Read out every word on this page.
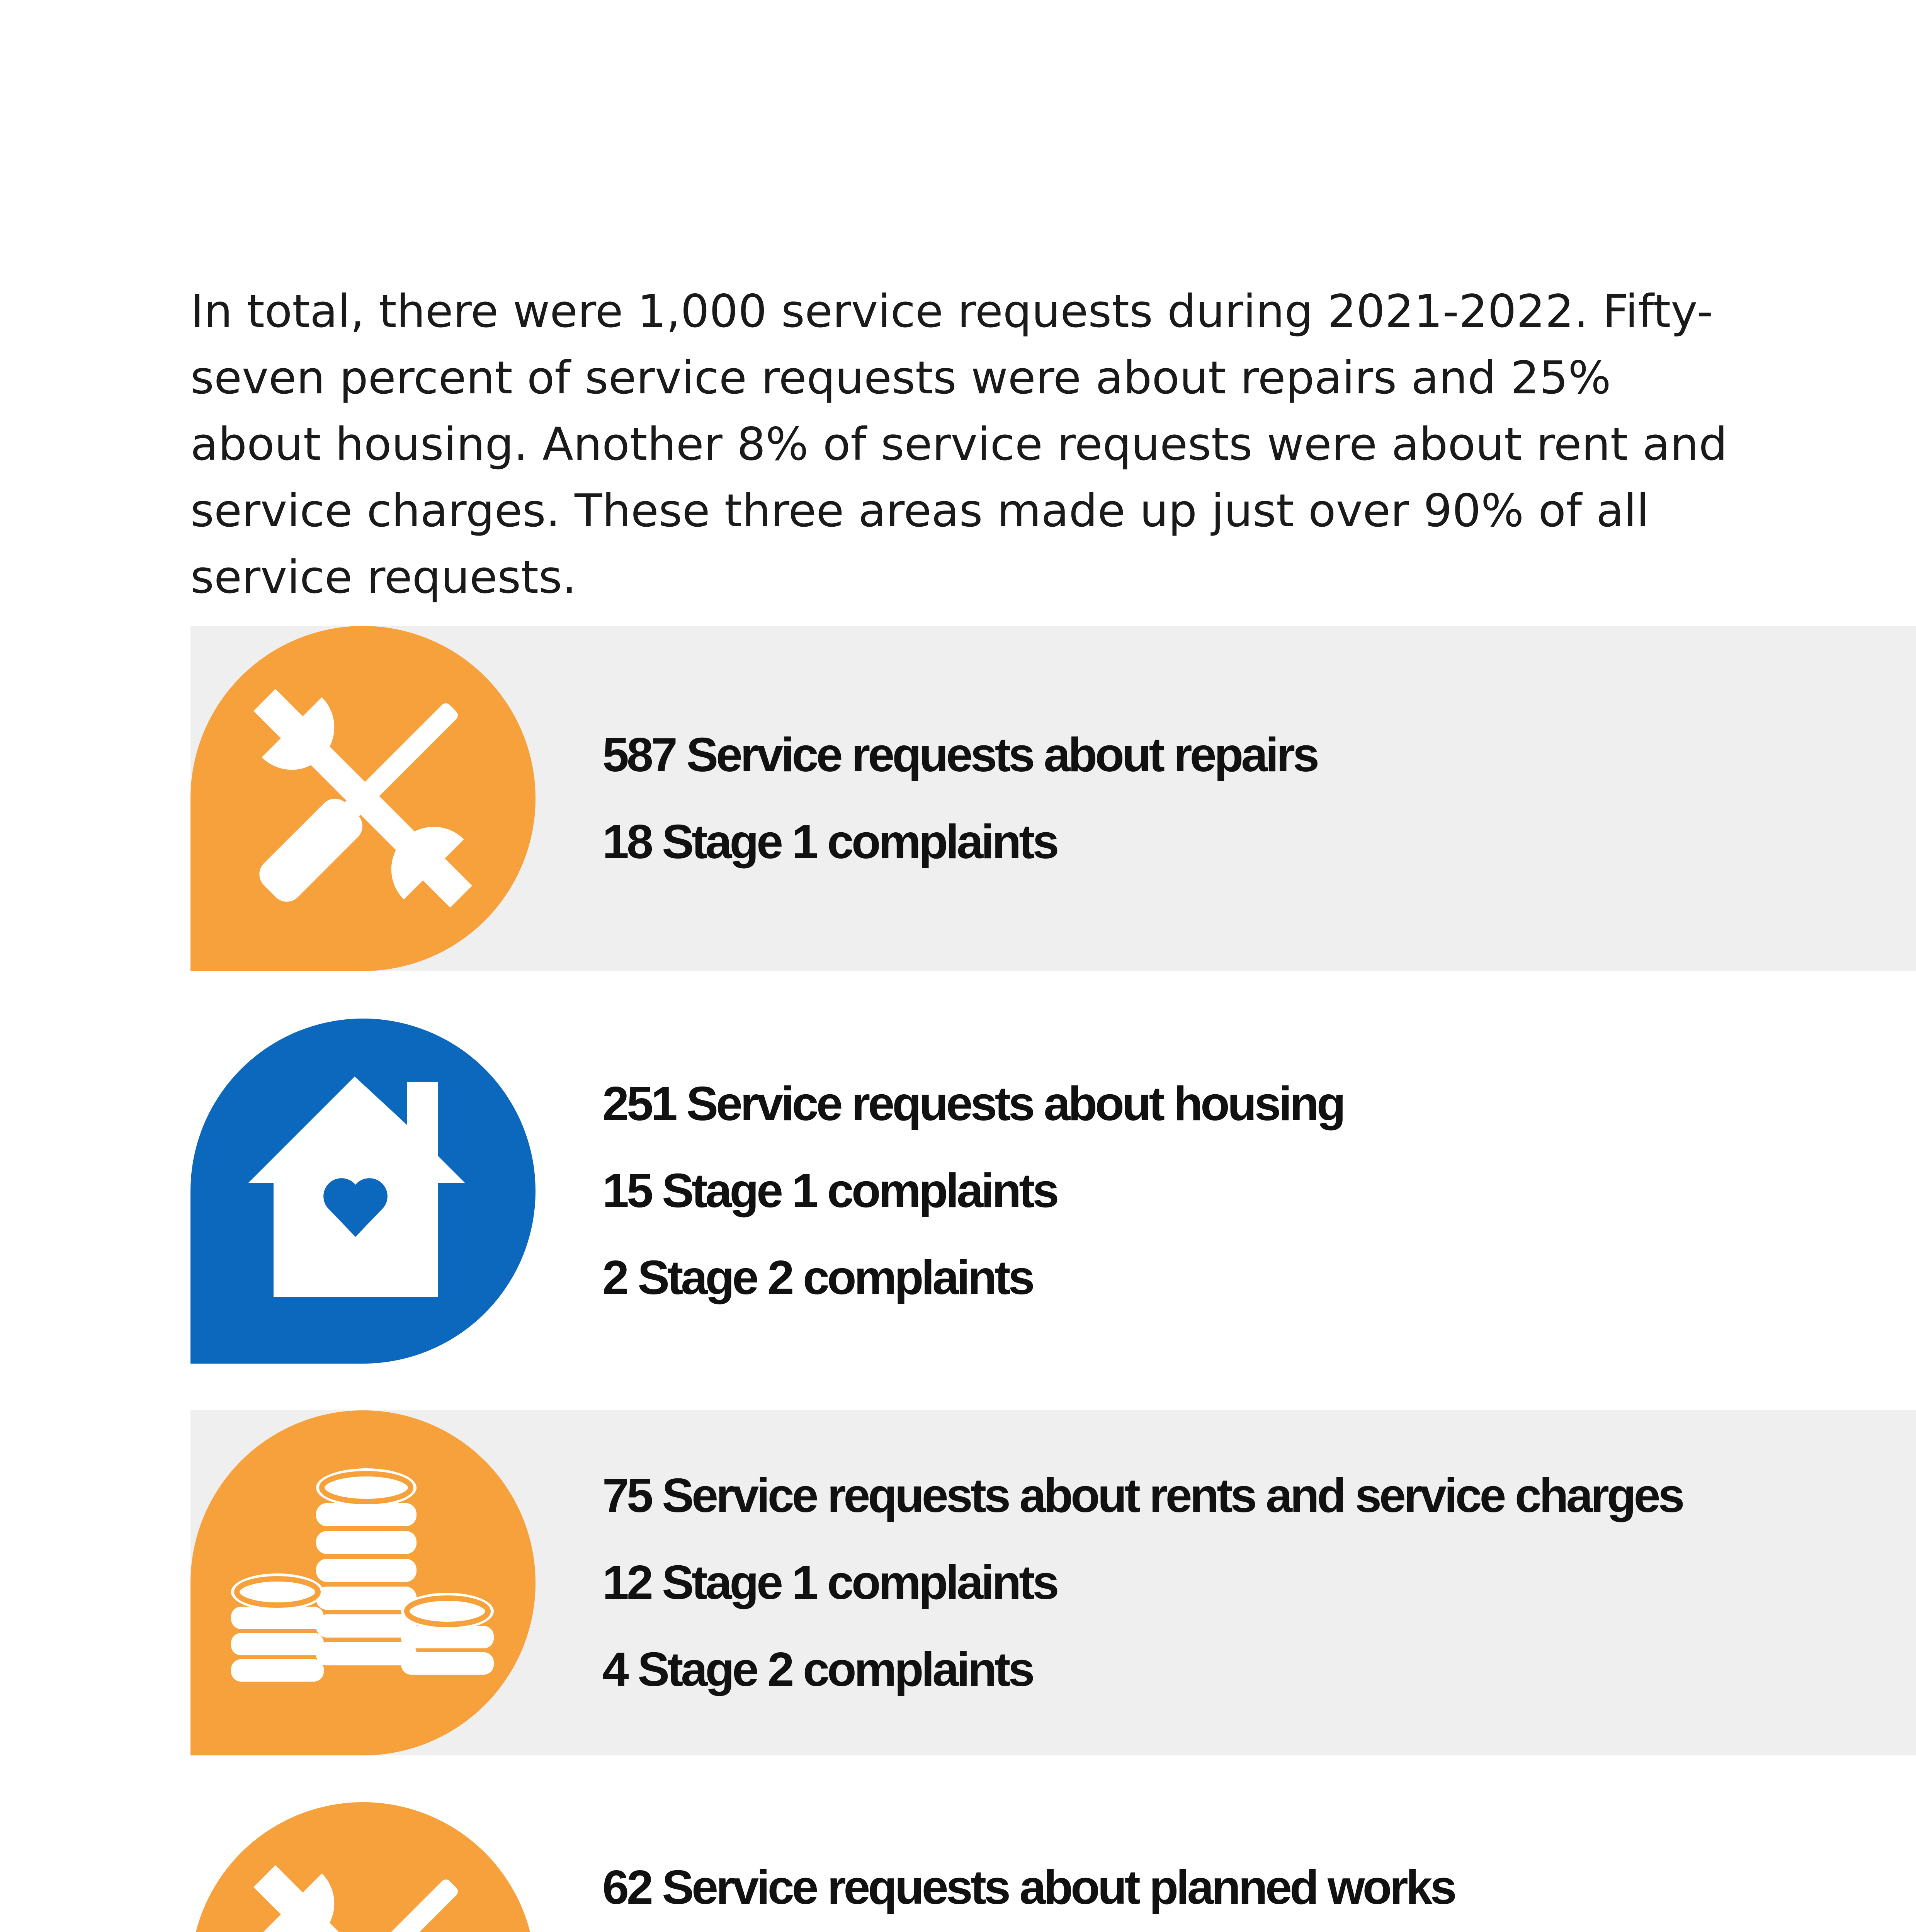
In total, there were 1,000 service requests during 2021-2022. Fifty-seven percent of service requests were about repairs and 25% about housing. Another 8% of service requests were about rent and service charges. These three areas made up just over 90% of all service requests.

587 Service requests about repairs
18 Stage 1 complaints
251 Service requests about housing
15 Stage 1 complaints
2 Stage 2 complaints
75 Service requests about rents and service charges
12 Stage 1 complaints
4 Stage 2 complaints
62 Service requests about planned works
